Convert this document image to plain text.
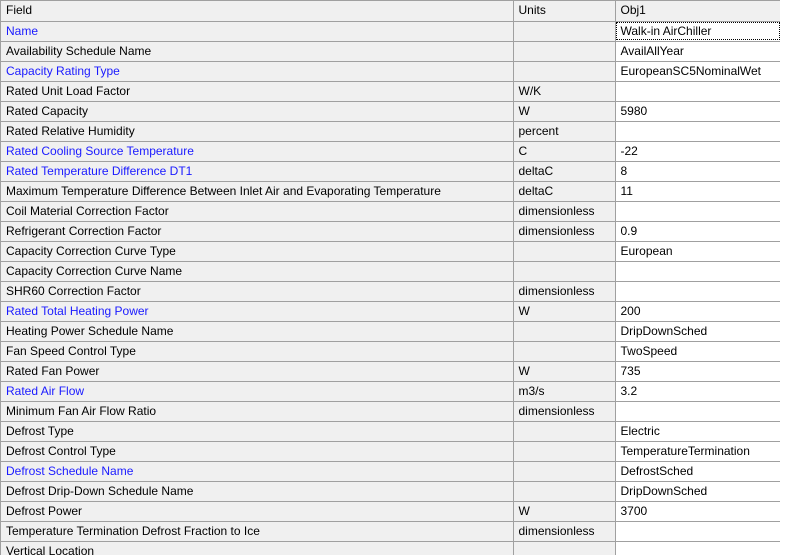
Field	Units	Obj1
Name		Walk-in AirChiller
Availability Schedule Name		AvailAllYear
Capacity Rating Type		EuropeanSC5NominalWet
Rated Unit Load Factor	W/K	
Rated Capacity	W	5980
Rated Relative Humidity	percent	
Rated Cooling Source Temperature	C	-22
Rated Temperature Difference DT1	deltaC	8
Maximum Temperature Difference Between Inlet Air and Evaporating Temperature	deltaC	11
Coil Material Correction Factor	dimensionless	
Refrigerant Correction Factor	dimensionless	0.9
Capacity Correction Curve Type		European
Capacity Correction Curve Name		
SHR60 Correction Factor	dimensionless	
Rated Total Heating Power	W	200
Heating Power Schedule Name		DripDownSched
Fan Speed Control Type		TwoSpeed
Rated Fan Power	W	735
Rated Air Flow	m3/s	3.2
Minimum Fan Air Flow Ratio	dimensionless	
Defrost Type		Electric
Defrost Control Type		TemperatureTermination
Defrost Schedule Name		DefrostSched
Defrost Drip-Down Schedule Name		DripDownSched
Defrost Power	W	3700
Temperature Termination Defrost Fraction to Ice	dimensionless	
Vertical Location		
